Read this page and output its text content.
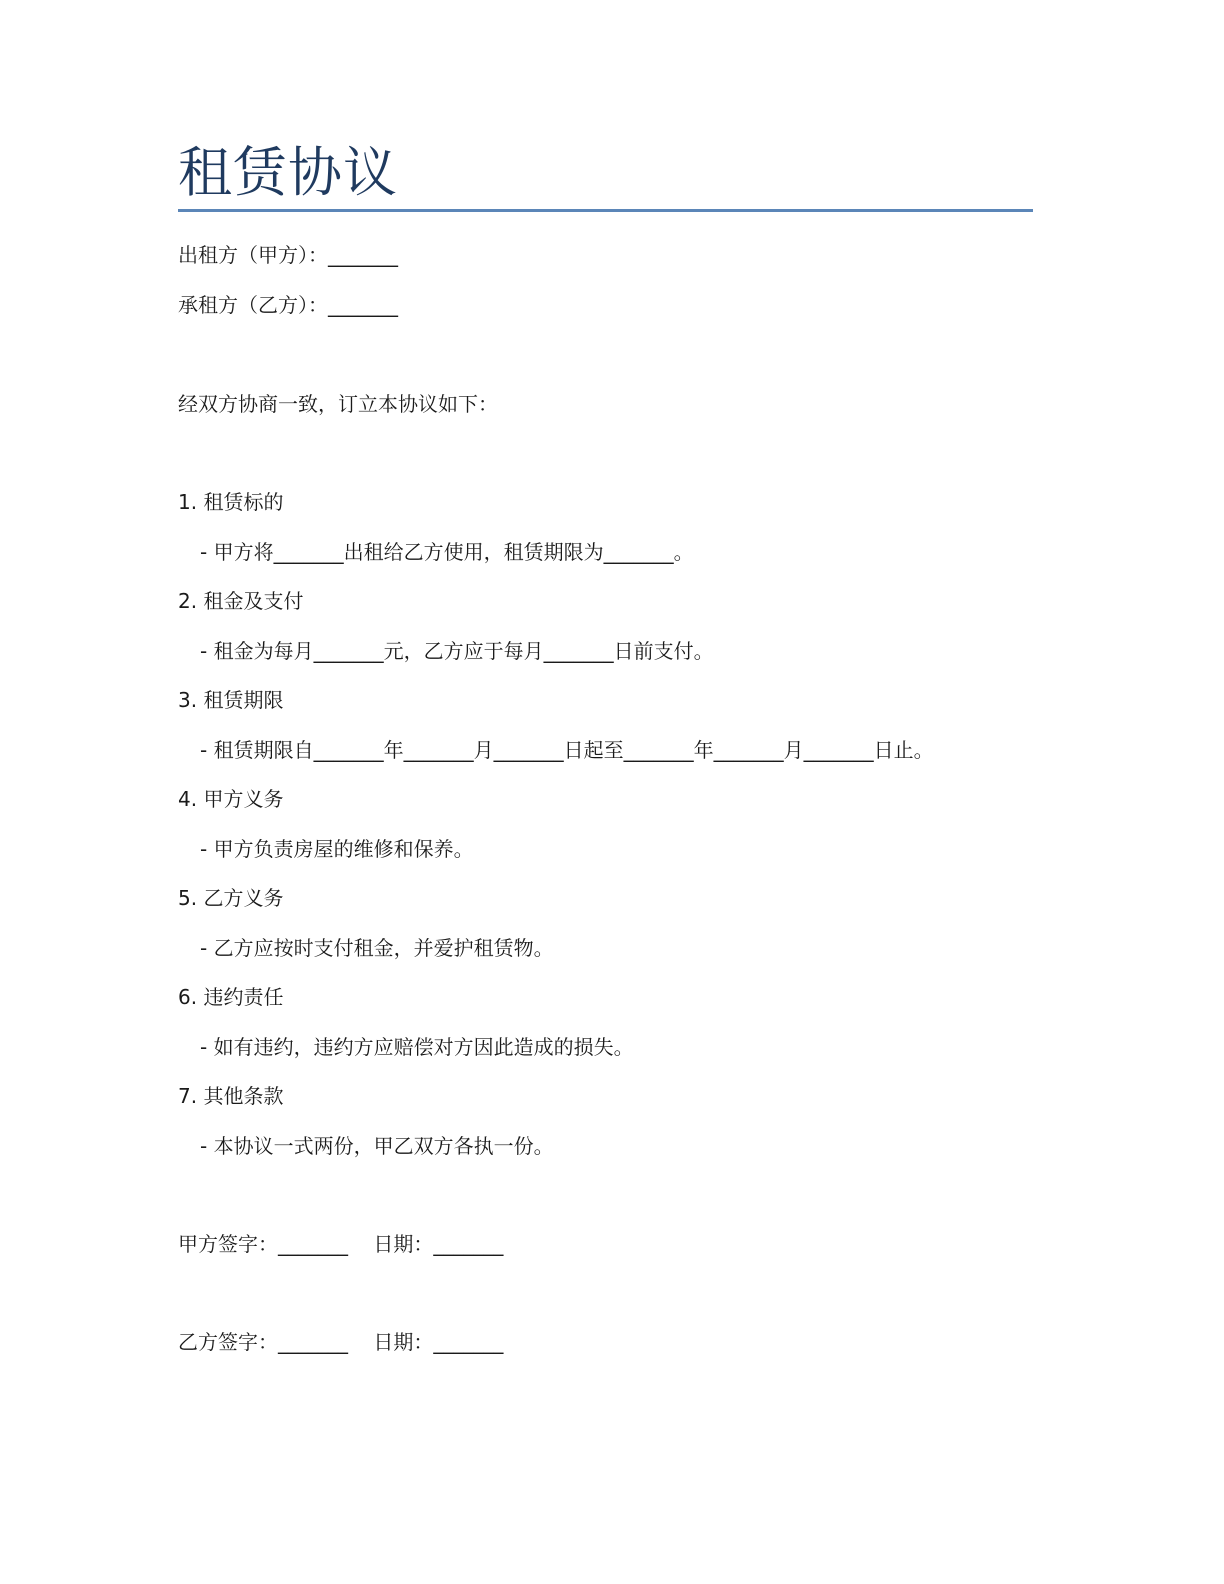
租赁协议
出租方（甲方）：_______
承租方（乙方）：_______
经双方协商一致，订立本协议如下：
1. 租赁标的
- 甲方将_______出租给乙方使用，租赁期限为_______。
2. 租金及支付
- 租金为每月_______元，乙方应于每月_______日前支付。
3. 租赁期限
- 租赁期限自_______年_______月_______日起至_______年_______月_______日止。
4. 甲方义务
- 甲方负责房屋的维修和保养。
5. 乙方义务
- 乙方应按时支付租金，并爱护租赁物。
6. 违约责任
- 如有违约，违约方应赔偿对方因此造成的损失。
7. 其他条款
- 本协议一式两份，甲乙双方各执一份。
甲方签字：_______    日期：_______
乙方签字：_______    日期：_______
